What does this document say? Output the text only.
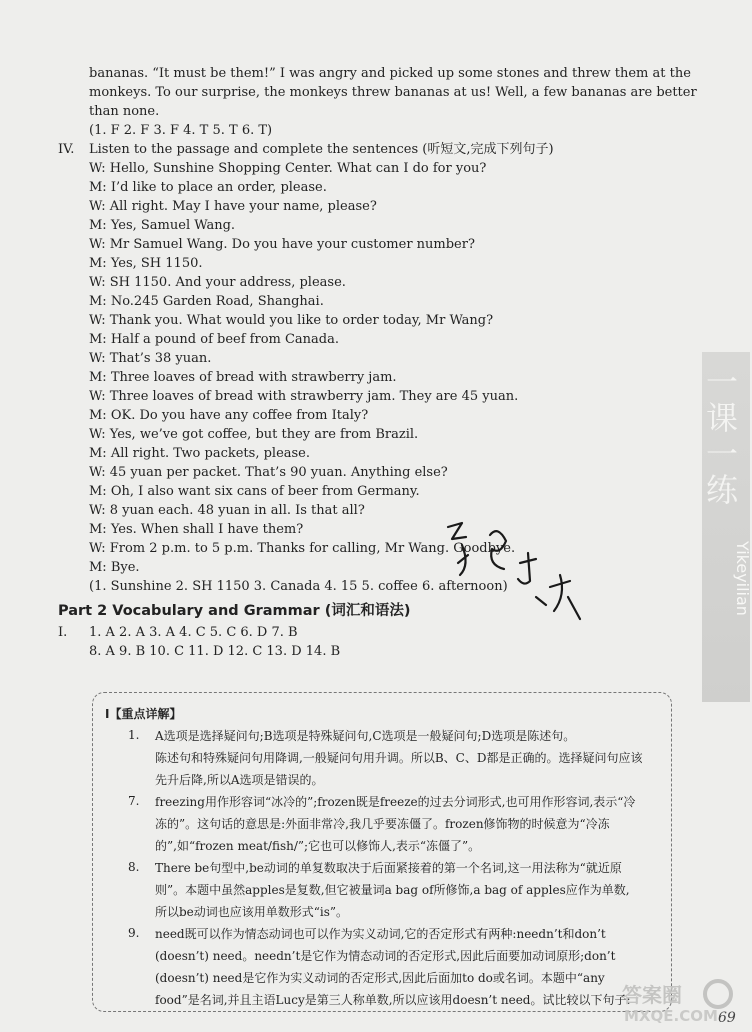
bananas. “It must be them!” I was angry and picked up some stones and threw them at the
monkeys. To our surprise, the monkeys threw bananas at us! Well, a few bananas are better
than none.
(1. F 2. F 3. F 4. T 5. T 6. T)
IV. Listen to the passage and complete the sentences (听短文,完成下列句子)
W: Hello, Sunshine Shopping Center. What can I do for you?
M: I’d like to place an order, please.
W: All right. May I have your name, please?
M: Yes, Samuel Wang.
W: Mr Samuel Wang. Do you have your customer number?
M: Yes, SH 1150.
W: SH 1150. And your address, please.
M: No.245 Garden Road, Shanghai.
W: Thank you. What would you like to order today, Mr Wang?
M: Half a pound of beef from Canada.
W: That’s 38 yuan.
M: Three loaves of bread with strawberry jam.
W: Three loaves of bread with strawberry jam. They are 45 yuan.
M: OK. Do you have any coffee from Italy?
W: Yes, we’ve got coffee, but they are from Brazil.
M: All right. Two packets, please.
W: 45 yuan per packet. That’s 90 yuan. Anything else?
M: Oh, I also want six cans of beer from Germany.
W: 8 yuan each. 48 yuan in all. Is that all?
M: Yes. When shall I have them?
W: From 2 p.m. to 5 p.m. Thanks for calling, Mr Wang. Goodbye.
M: Bye.
(1. Sunshine 2. SH 1150 3. Canada 4. 15 5. coffee 6. afternoon)
Part 2 Vocabulary and Grammar (词汇和语法)
I. 1. A 2. A 3. A 4. C 5. C 6. D 7. B
8. A 9. B 10. C 11. D 12. C 13. D 14. B
I【重点详解】
1. A选项是选择疑问句;B选项是特殊疑问句,C选项是一般疑问句;D选项是陈述句。
陈述句和特殊疑问句用降调,一般疑问句用升调。所以B、C、D都是正确的。选择疑问句应该
先升后降,所以A选项是错误的。
7. freezing用作形容词“冰冷的”;frozen既是freeze的过去分词形式,也可用作形容词,表示“冷
冻的”。这句话的意思是:外面非常冷,我几乎要冻僵了。frozen修饰物的时候意为“冷冻
的”,如“frozen meat/fish/”;它也可以修饰人,表示“冻僵了”。
8. There be句型中,be动词的单复数取决于后面紧接着的第一个名词,这一用法称为“就近原
则”。本题中虽然apples是复数,但它被量词a bag of所修饰,a bag of apples应作为单数,
所以be动词也应该用单数形式“is”。
9. need既可以作为情态动词也可以作为实义动词,它的否定形式有两种:needn’t和don’t
(doesn’t) need。needn’t是它作为情态动词的否定形式,因此后面要加动词原形;don’t
(doesn’t) need是它作为实义动词的否定形式,因此后面加to do或名词。本题中“any
food”是名词,并且主语Lucy是第三人称单数,所以应该用doesn’t need。试比较以下句子:
一课一练
Yikeyilian
答案圈
MXQE.COM 69
